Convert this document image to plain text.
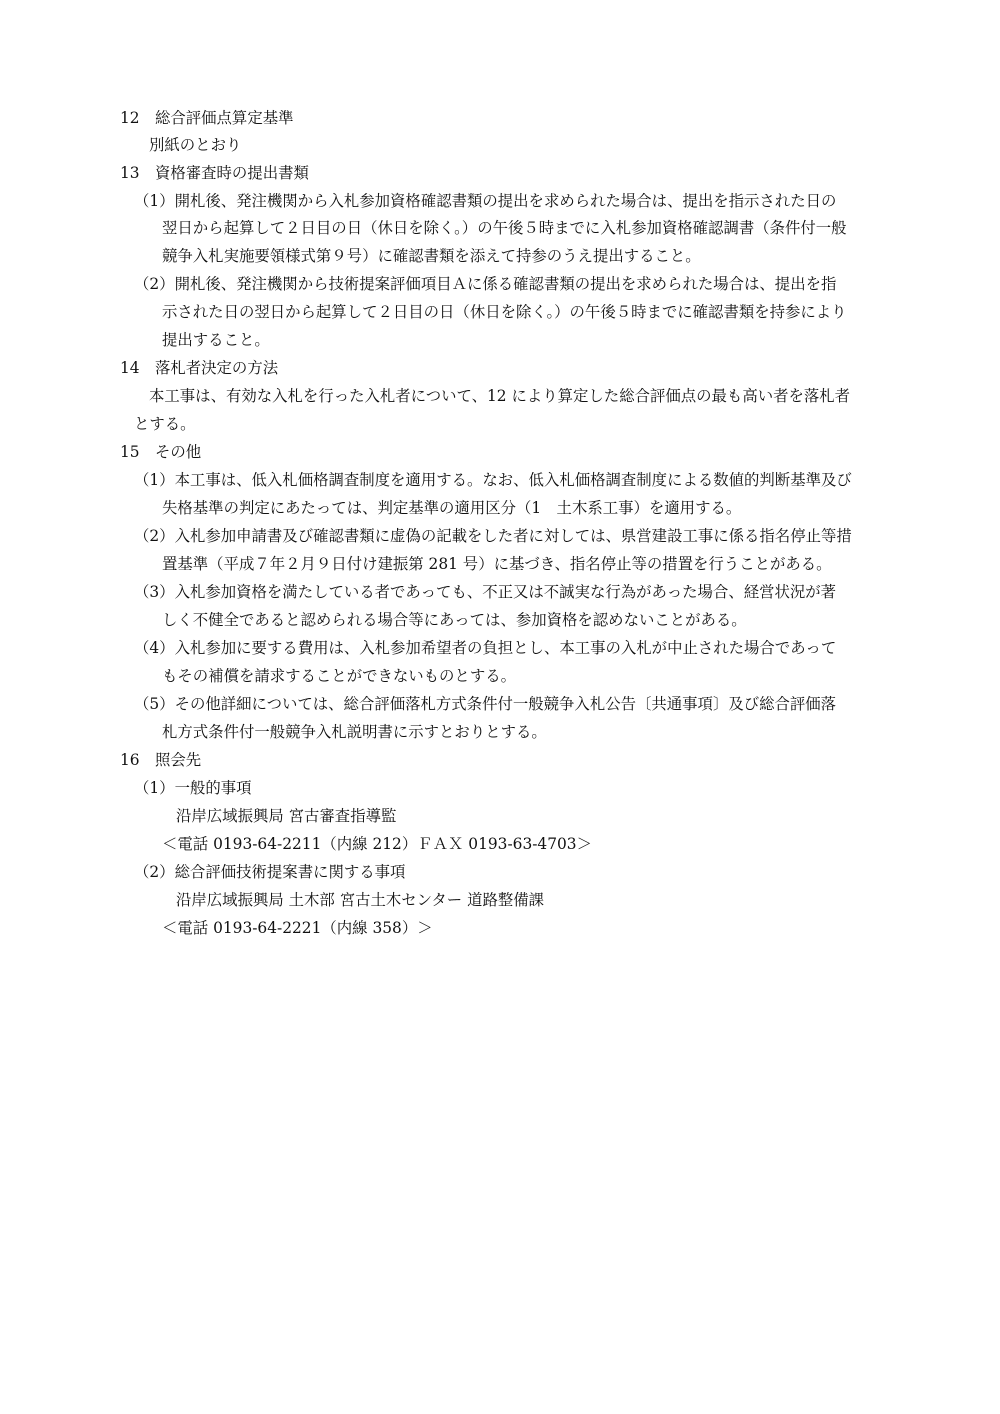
12　総合評価点算定基準
別紙のとおり
13　資格審査時の提出書類
（1）開札後、発注機関から入札参加資格確認書類の提出を求められた場合は、提出を指示された日の
翌日から起算して２日目の日（休日を除く。）の午後５時までに入札参加資格確認調書（条件付一般
競争入札実施要領様式第９号）に確認書類を添えて持参のうえ提出すること。
（2）開札後、発注機関から技術提案評価項目Ａに係る確認書類の提出を求められた場合は、提出を指
示された日の翌日から起算して２日目の日（休日を除く。）の午後５時までに確認書類を持参により
提出すること。
14　落札者決定の方法
本工事は、有効な入札を行った入札者について、12 により算定した総合評価点の最も高い者を落札者
とする。
15　その他
（1）本工事は、低入札価格調査制度を適用する。なお、低入札価格調査制度による数値的判断基準及び
失格基準の判定にあたっては、判定基準の適用区分（1　土木系工事）を適用する。
（2）入札参加申請書及び確認書類に虚偽の記載をした者に対しては、県営建設工事に係る指名停止等措
置基準（平成７年２月９日付け建振第 281 号）に基づき、指名停止等の措置を行うことがある。
（3）入札参加資格を満たしている者であっても、不正又は不誠実な行為があった場合、経営状況が著
しく不健全であると認められる場合等にあっては、参加資格を認めないことがある。
（4）入札参加に要する費用は、入札参加希望者の負担とし、本工事の入札が中止された場合であって
もその補償を請求することができないものとする。
（5）その他詳細については、総合評価落札方式条件付一般競争入札公告〔共通事項〕及び総合評価落
札方式条件付一般競争入札説明書に示すとおりとする。
16　照会先
（1）一般的事項
沿岸広域振興局 宮古審査指導監
＜電話 0193-64-2211（内線 212）ＦＡＸ 0193-63-4703＞
（2）総合評価技術提案書に関する事項
沿岸広域振興局 土木部 宮古土木センター 道路整備課
＜電話 0193-64-2221（内線 358）＞
